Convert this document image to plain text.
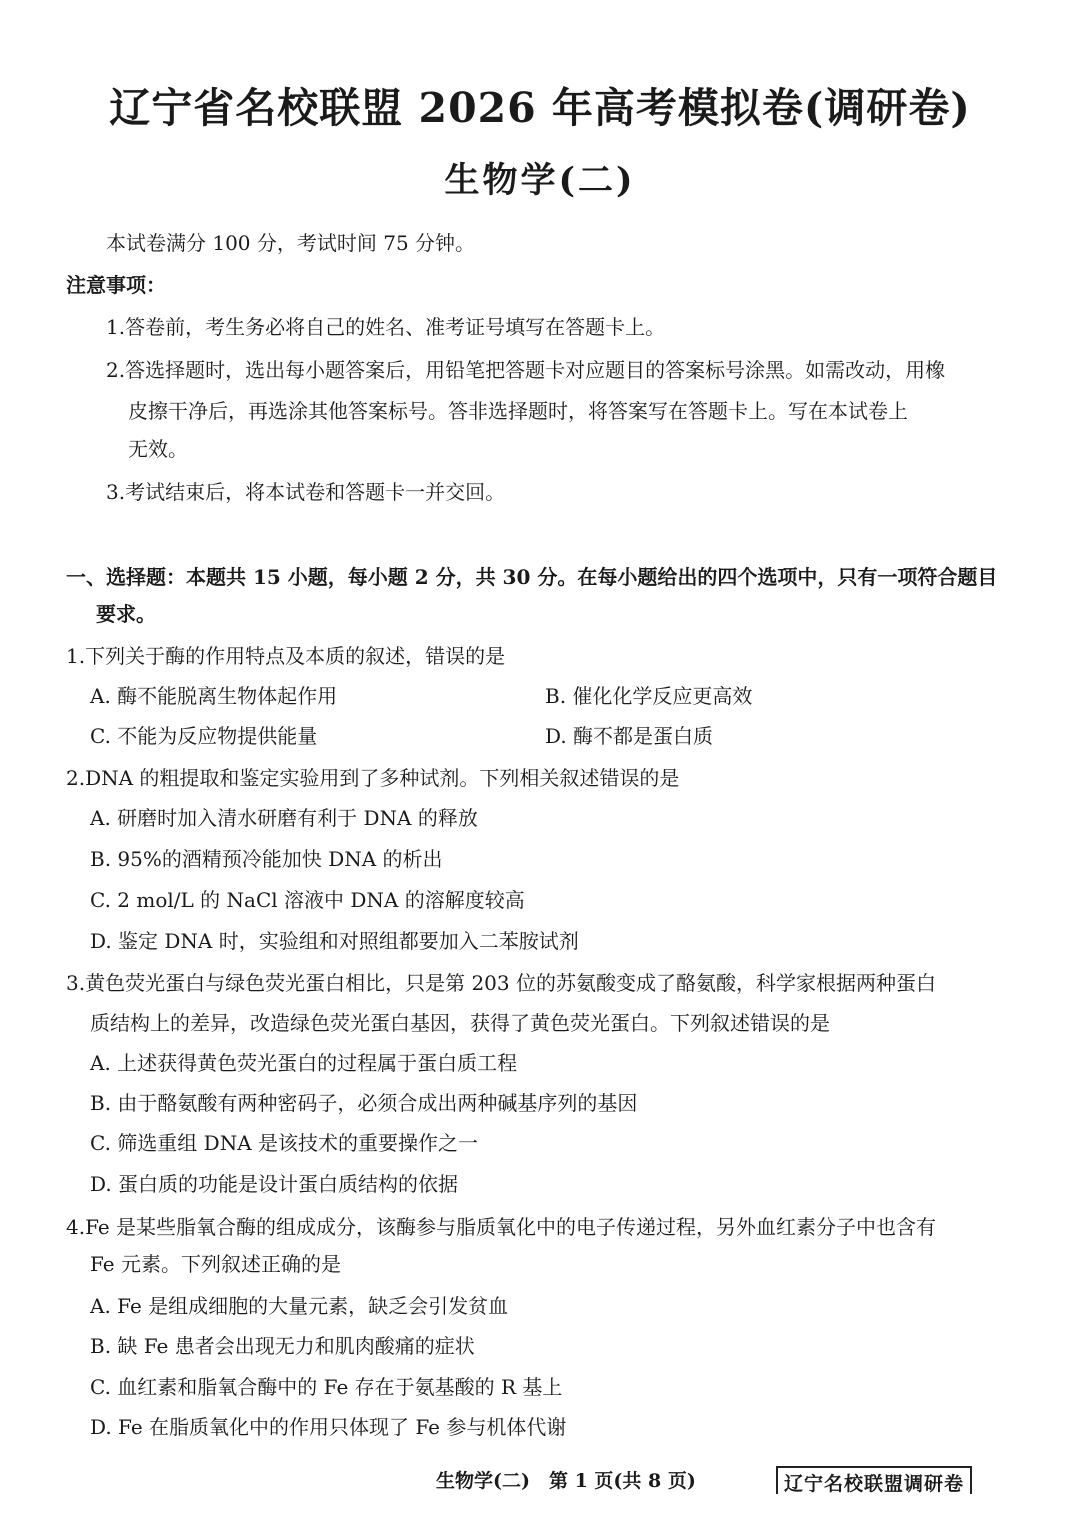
辽宁省名校联盟 2026 年高考模拟卷(调研卷)
生物学(二)
本试卷满分 100 分，考试时间 75 分钟。
注意事项：
1.答卷前，考生务必将自己的姓名、准考证号填写在答题卡上。
2.答选择题时，选出每小题答案后，用铅笔把答题卡对应题目的答案标号涂黑。如需改动，用橡
皮擦干净后，再选涂其他答案标号。答非选择题时，将答案写在答题卡上。写在本试卷上
无效。
3.考试结束后，将本试卷和答题卡一并交回。
一、选择题：本题共 15 小题，每小题 2 分，共 30 分。在每小题给出的四个选项中，只有一项符合题目
要求。
1.下列关于酶的作用特点及本质的叙述，错误的是
A. 酶不能脱离生物体起作用	B. 催化化学反应更高效
C. 不能为反应物提供能量	D. 酶不都是蛋白质
2.DNA 的粗提取和鉴定实验用到了多种试剂。下列相关叙述错误的是
A. 研磨时加入清水研磨有利于 DNA 的释放
B. 95%的酒精预冷能加快 DNA 的析出
C. 2 mol/L 的 NaCl 溶液中 DNA 的溶解度较高
D. 鉴定 DNA 时，实验组和对照组都要加入二苯胺试剂
3.黄色荧光蛋白与绿色荧光蛋白相比，只是第 203 位的苏氨酸变成了酪氨酸，科学家根据两种蛋白
质结构上的差异，改造绿色荧光蛋白基因，获得了黄色荧光蛋白。下列叙述错误的是
A. 上述获得黄色荧光蛋白的过程属于蛋白质工程
B. 由于酪氨酸有两种密码子，必须合成出两种碱基序列的基因
C. 筛选重组 DNA 是该技术的重要操作之一
D. 蛋白质的功能是设计蛋白质结构的依据
4.Fe 是某些脂氧合酶的组成成分，该酶参与脂质氧化中的电子传递过程，另外血红素分子中也含有
Fe 元素。下列叙述正确的是
A. Fe 是组成细胞的大量元素，缺乏会引发贫血
B. 缺 Fe 患者会出现无力和肌肉酸痛的症状
C. 血红素和脂氧合酶中的 Fe 存在于氨基酸的 R 基上
D. Fe 在脂质氧化中的作用只体现了 Fe 参与机体代谢
生物学(二)　第 1 页(共 8 页)	辽宁名校联盟调研卷
